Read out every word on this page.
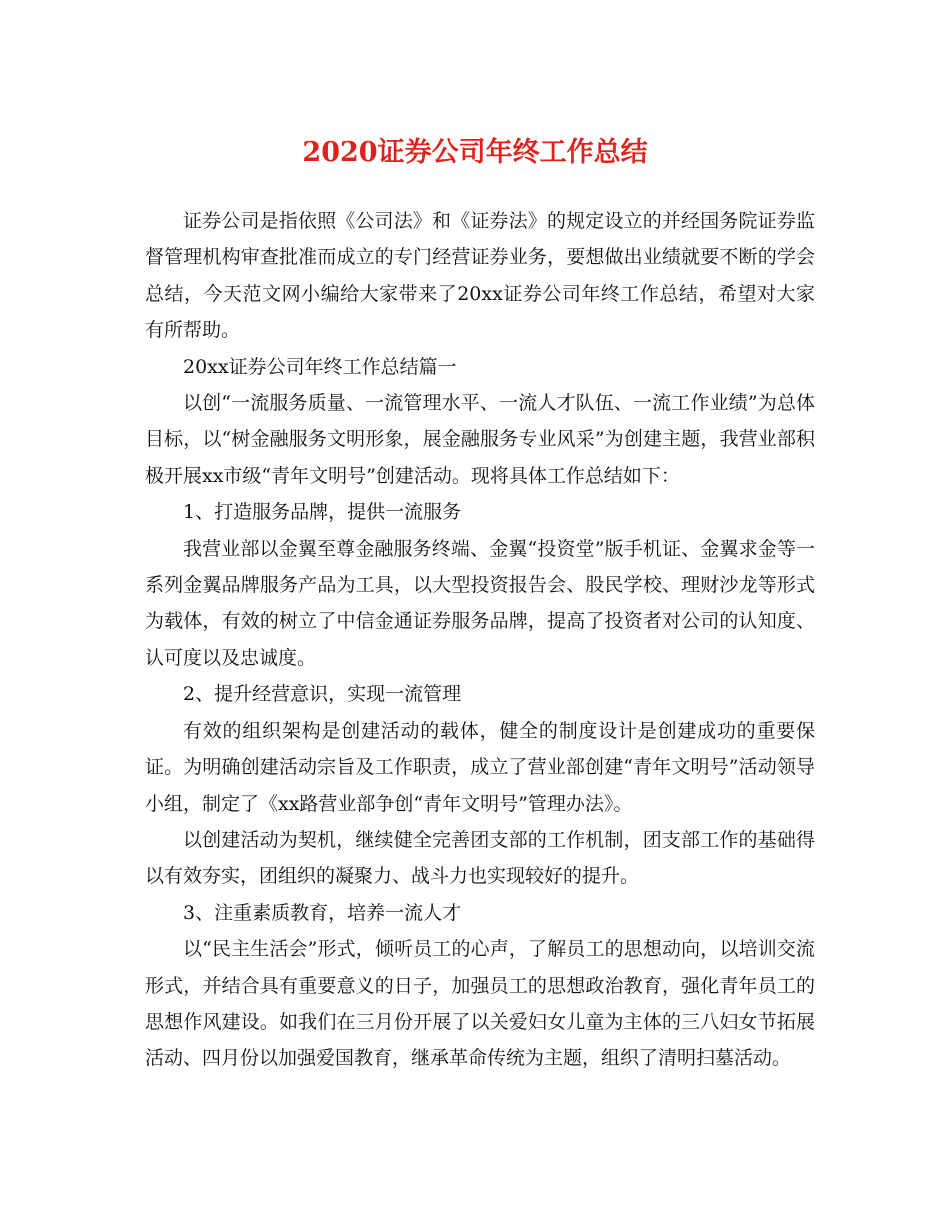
2020证券公司年终工作总结

证券公司是指依照《公司法》和《证券法》的规定设立的并经国务院证券监督管理机构审查批准而成立的专门经营证券业务，要想做出业绩就要不断的学会总结，今天范文网小编给大家带来了20xx证券公司年终工作总结，希望对大家有所帮助。

20xx证券公司年终工作总结篇一

以创“一流服务质量、一流管理水平、一流人才队伍、一流工作业绩”为总体目标，以“树金融服务文明形象，展金融服务专业风采”为创建主题，我营业部积极开展xx市级“青年文明号”创建活动。现将具体工作总结如下：

1、打造服务品牌，提供一流服务

我营业部以金翼至尊金融服务终端、金翼“投资堂”版手机证、金翼求金等一系列金翼品牌服务产品为工具，以大型投资报告会、股民学校、理财沙龙等形式为载体，有效的树立了中信金通证券服务品牌，提高了投资者对公司的认知度、认可度以及忠诚度。

2、提升经营意识，实现一流管理

有效的组织架构是创建活动的载体，健全的制度设计是创建成功的重要保证。为明确创建活动宗旨及工作职责，成立了营业部创建“青年文明号”活动领导小组，制定了《xx路营业部争创“青年文明号”管理办法》。

以创建活动为契机，继续健全完善团支部的工作机制，团支部工作的基础得以有效夯实，团组织的凝聚力、战斗力也实现较好的提升。

3、注重素质教育，培养一流人才

以“民主生活会”形式，倾听员工的心声，了解员工的思想动向，以培训交流形式，并结合具有重要意义的日子，加强员工的思想政治教育，强化青年员工的思想作风建设。如我们在三月份开展了以关爱妇女儿童为主体的三八妇女节拓展活动、四月份以加强爱国教育，继承革命传统为主题，组织了清明扫墓活动。
